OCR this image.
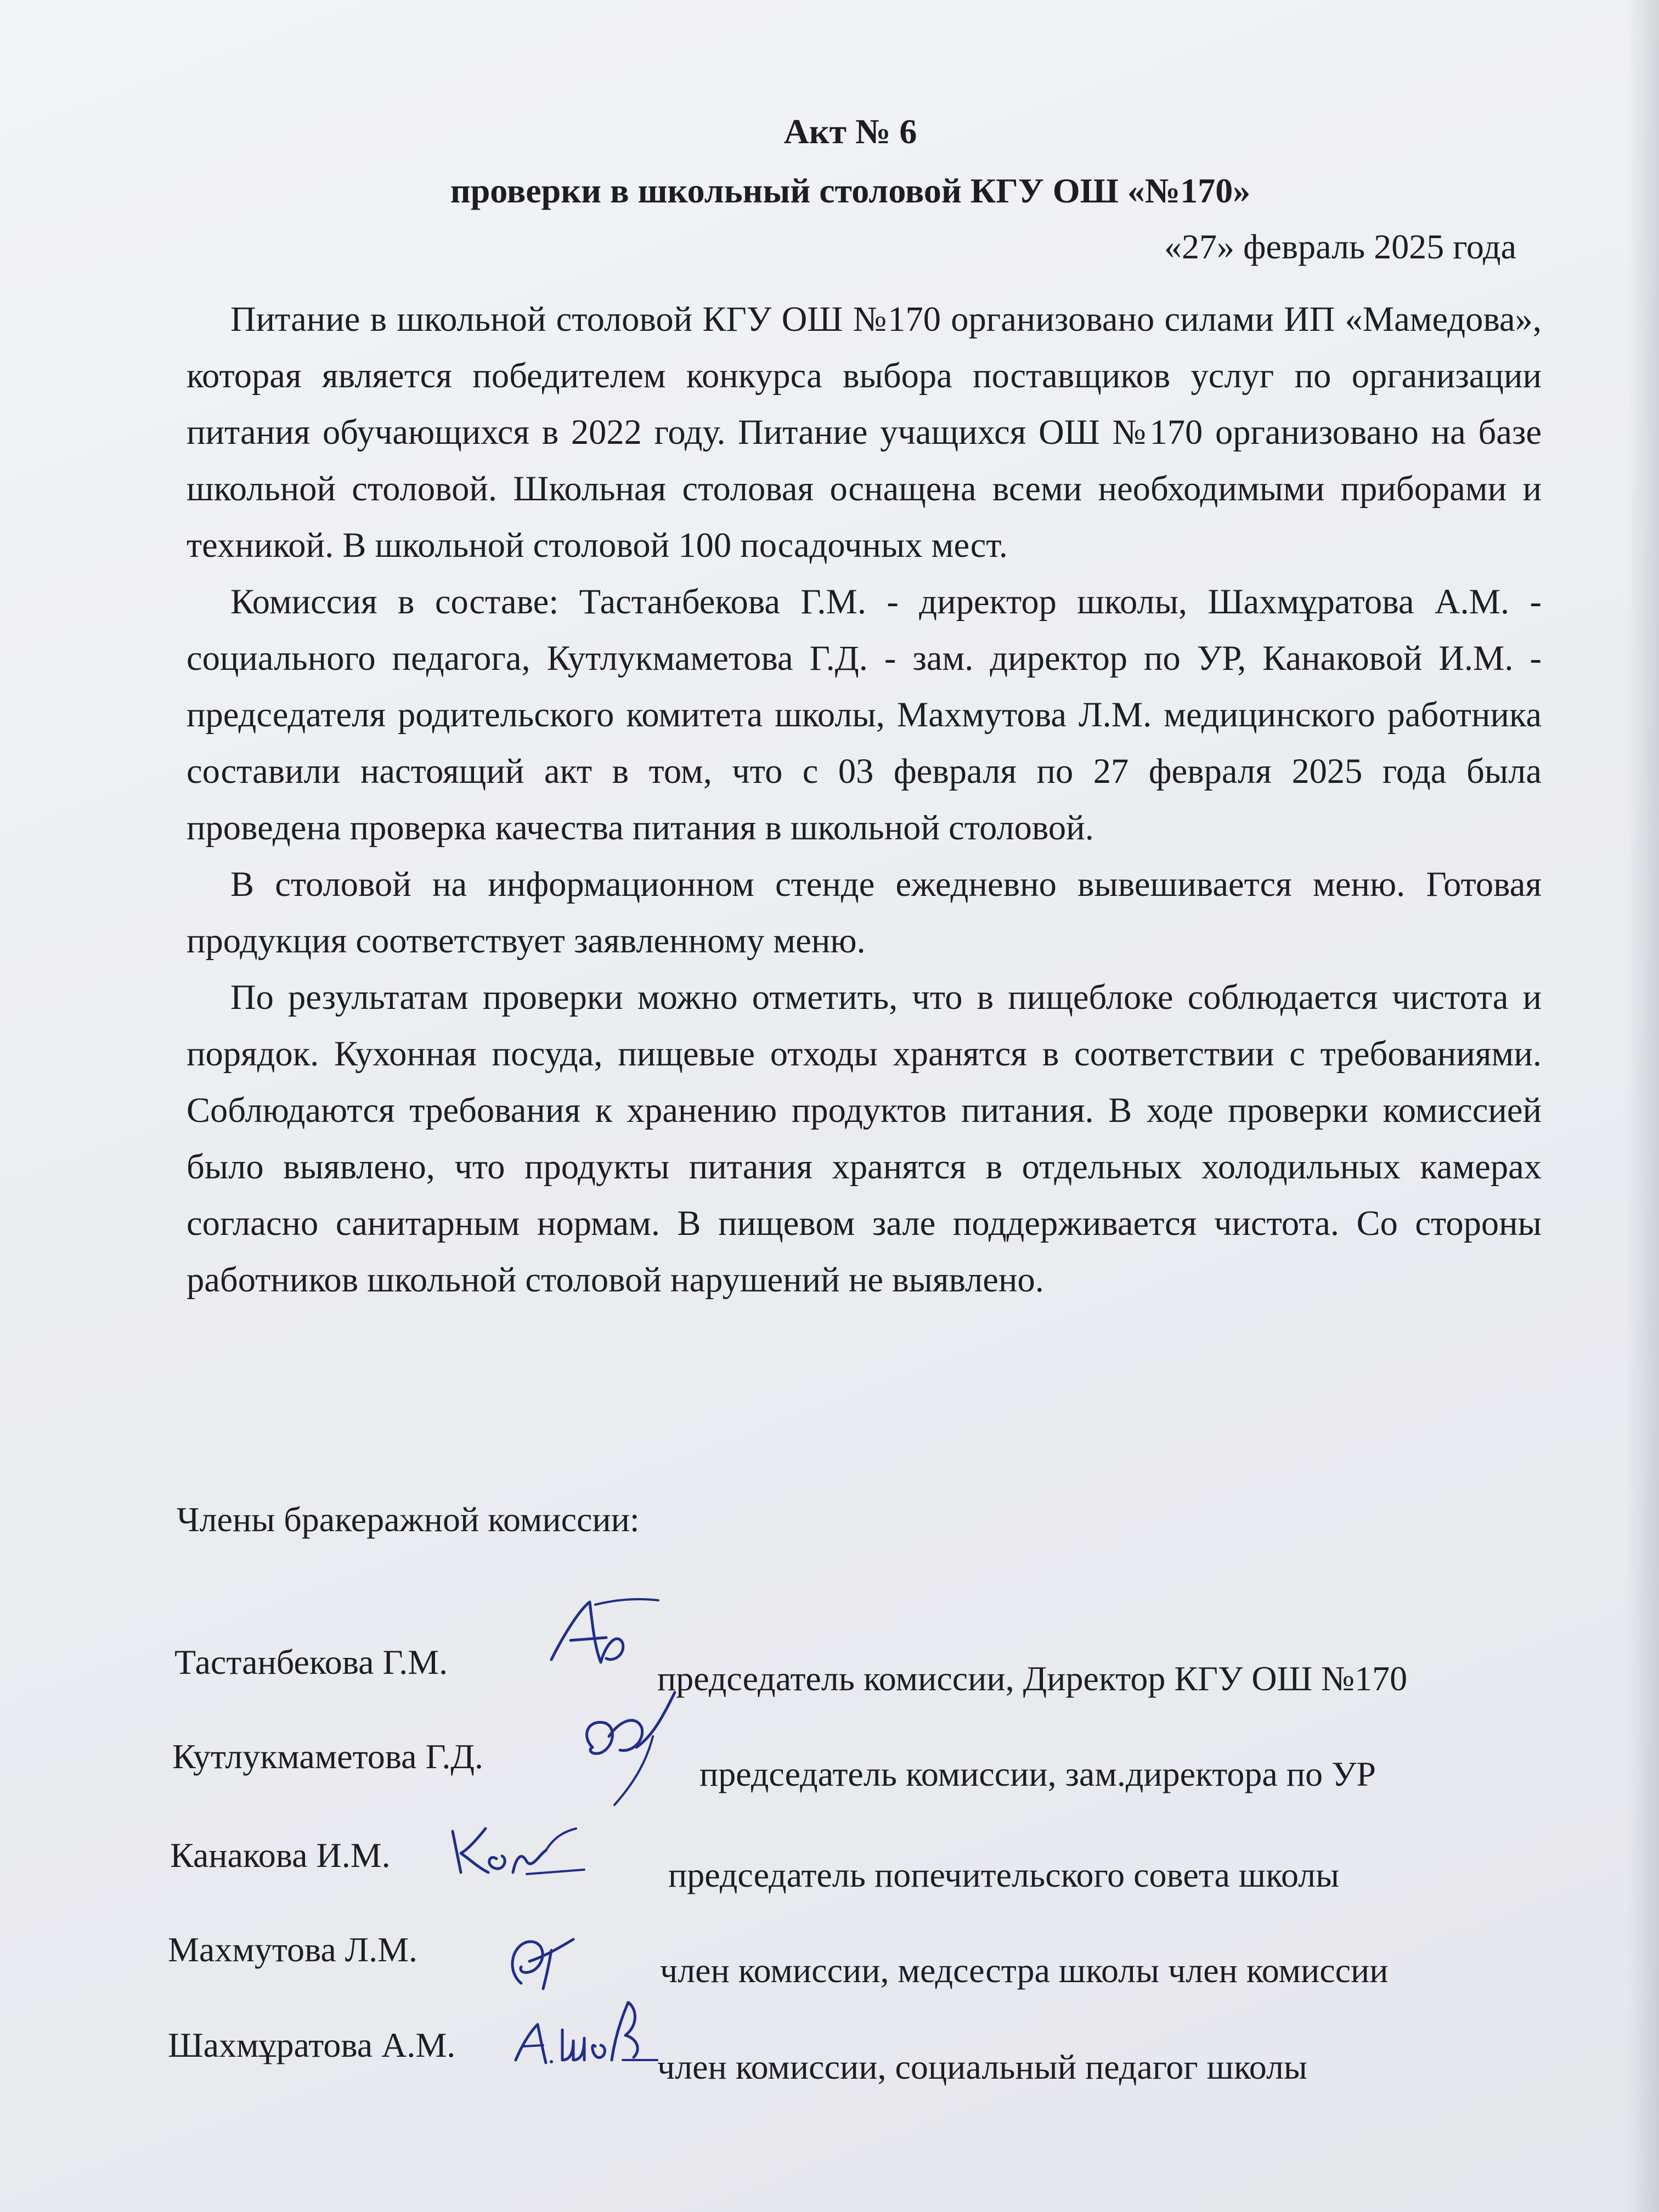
Акт № 6
проверки в школьный столовой КГУ ОШ «№170»
«27» февраль 2025 года

Питание в школьной столовой КГУ ОШ №170 организовано силами ИП «Мамедова», которая является победителем конкурса выбора поставщиков услуг по организации питания обучающихся в 2022 году. Питание учащихся ОШ №170 организовано на базе школьной столовой. Школьная столовая оснащена всеми необходимыми приборами и техникой. В школьной столовой 100 посадочных мест.

Комиссия в составе: Тастанбекова Г.М. - директор школы, Шахмұратова А.М. - социального педагога, Кутлукмаметова Г.Д. - зам. директор по УР, Канаковой И.М. - председателя родительского комитета школы, Махмутова Л.М. медицинского работника составили настоящий акт в том, что с 03 февраля по 27 февраля 2025 года была проведена проверка качества питания в школьной столовой.

В столовой на информационном стенде ежедневно вывешивается меню. Готовая продукция соответствует заявленному меню.

По результатам проверки можно отметить, что в пищеблоке соблюдается чистота и порядок. Кухонная посуда, пищевые отходы хранятся в соответствии с требованиями. Соблюдаются требования к хранению продуктов питания. В ходе проверки комиссией было выявлено, что продукты питания хранятся в отдельных холодильных камерах согласно санитарным нормам. В пищевом зале поддерживается чистота. Со стороны работников школьной столовой нарушений не выявлено.

Члены бракеражной комиссии:
Тастанбекова Г.М.	председатель комиссии, Директор КГУ ОШ №170
Кутлукмаметова Г.Д.	председатель комиссии, зам.директора по УР
Канакова И.М.
председатель попечительского совета школы
Махмутова Л.М.
член комиссии, медсестра школы член комиссии
Шахмұратова А.М.
член комиссии, социальный педагог школы
